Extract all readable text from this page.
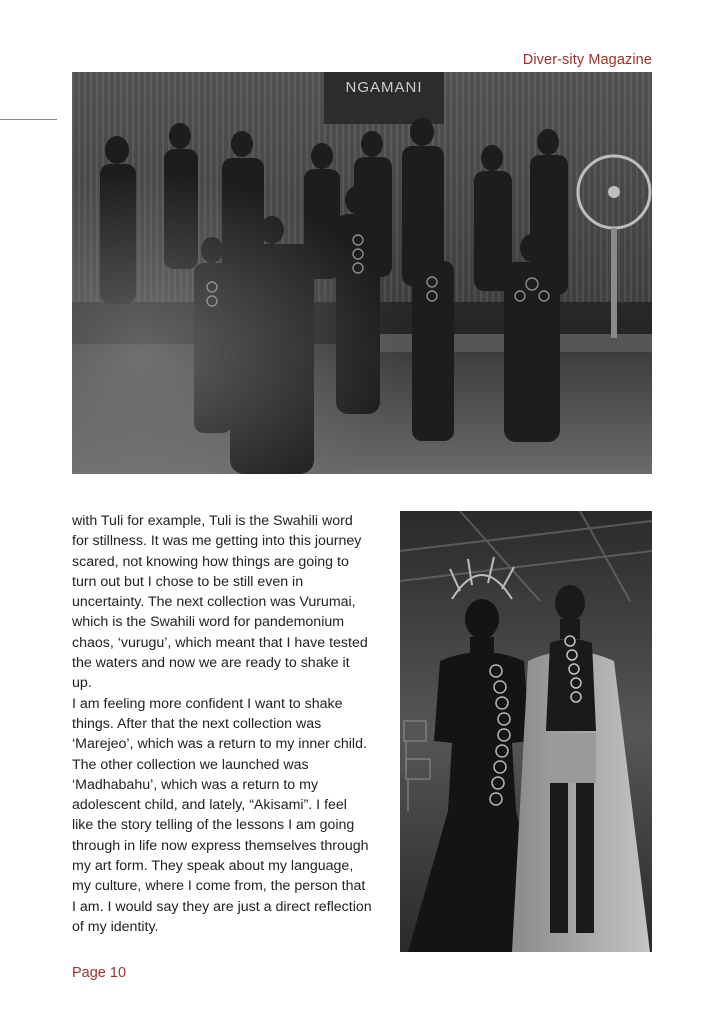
Diver-sity Magazine

with Tuli for example, Tuli is the Swahili word for stillness. It was me getting into this journey scared, not knowing how things are going to turn out but I chose to be still even in uncertainty. The next collection was Vurumai, which is the Swahili word for pandemonium chaos, ‘vurugu’, which meant that I have tested the waters and now we are ready to shake it up.

I am feeling more confident I want to shake things. After that the next collection was ‘Marejeo’, which was a return to my inner child. The other collection we launched was ‘Madhabahu’, which was a return to my adolescent child, and lately, “Akisami”. I feel like the story telling of the lessons I am going through in life now express themselves through my art form. They speak about my language, my culture, where I come from, the person that I am. I would say they are just a direct reflection of my identity.

Page 10
